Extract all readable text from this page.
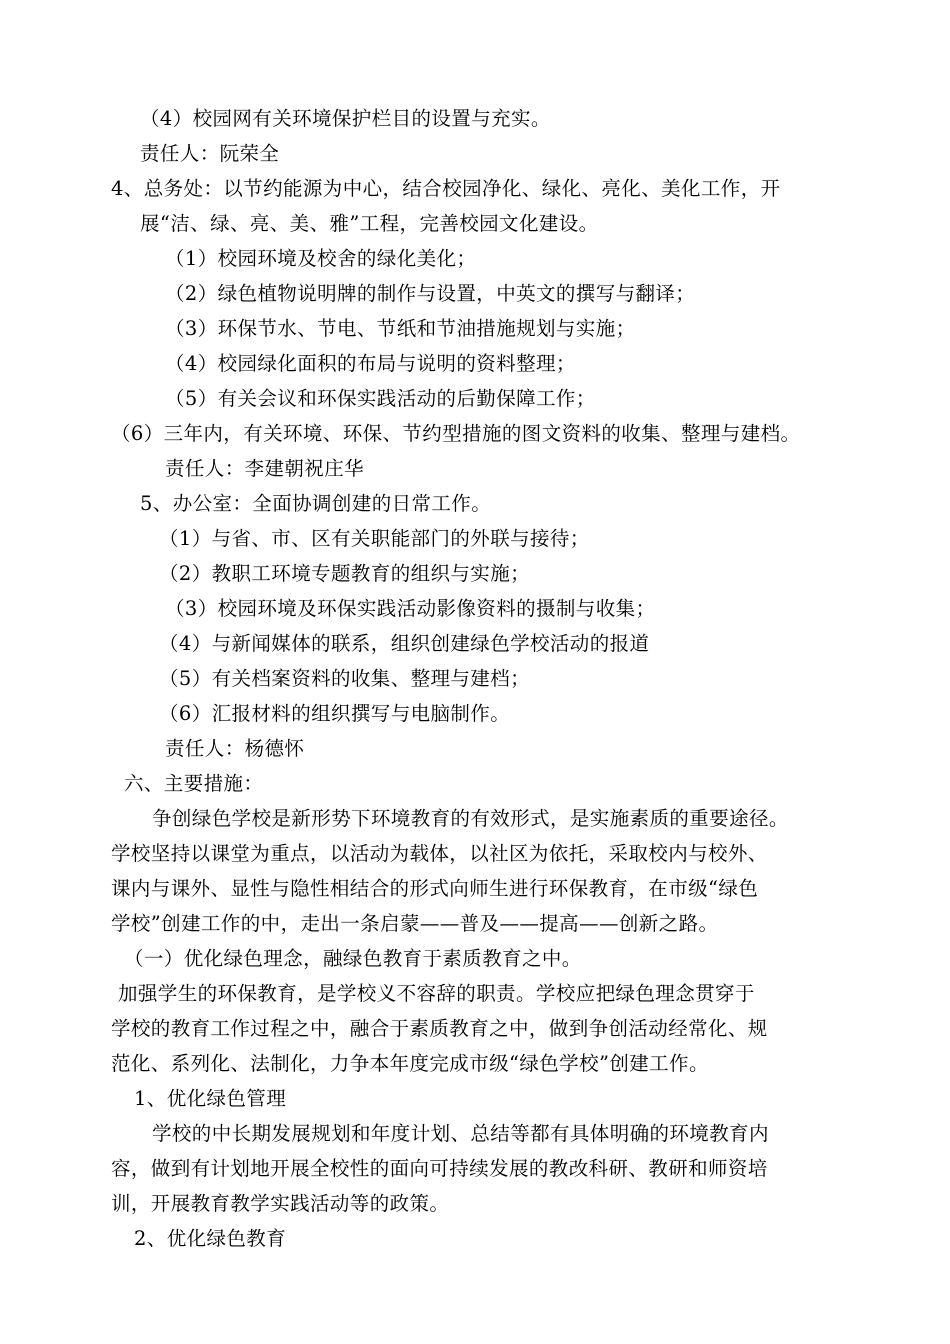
（4）校园网有关环境保护栏目的设置与充实。
责任人：阮荣全
4、总务处：以节约能源为中心，结合校园净化、绿化、亮化、美化工作，开
展“洁、绿、亮、美、雅”工程，完善校园文化建设。
（1）校园环境及校舍的绿化美化；
（2）绿色植物说明牌的制作与设置，中英文的撰写与翻译；
（3）环保节水、节电、节纸和节油措施规划与实施；
（4）校园绿化面积的布局与说明的资料整理；
（5）有关会议和环保实践活动的后勤保障工作；
（6）三年内，有关环境、环保、节约型措施的图文资料的收集、整理与建档。
责任人：李建朝祝庄华
5、办公室：全面协调创建的日常工作。
（1）与省、市、区有关职能部门的外联与接待；
（2）教职工环境专题教育的组织与实施；
（3）校园环境及环保实践活动影像资料的摄制与收集；
（4）与新闻媒体的联系，组织创建绿色学校活动的报道
（5）有关档案资料的收集、整理与建档；
（6）汇报材料的组织撰写与电脑制作。
责任人：杨德怀
六、主要措施：
争创绿色学校是新形势下环境教育的有效形式，是实施素质的重要途径。
学校坚持以课堂为重点，以活动为载体，以社区为依托，采取校内与校外、
课内与课外、显性与隐性相结合的形式向师生进行环保教育，在市级“绿色
学校”创建工作的中，走出一条启蒙——普及——提高——创新之路。
（一）优化绿色理念，融绿色教育于素质教育之中。
加强学生的环保教育，是学校义不容辞的职责。学校应把绿色理念贯穿于
学校的教育工作过程之中，融合于素质教育之中，做到争创活动经常化、规
范化、系列化、法制化，力争本年度完成市级“绿色学校”创建工作。
1、优化绿色管理
学校的中长期发展规划和年度计划、总结等都有具体明确的环境教育内
容，做到有计划地开展全校性的面向可持续发展的教改科研、教研和师资培
训，开展教育教学实践活动等的政策。
2、优化绿色教育
